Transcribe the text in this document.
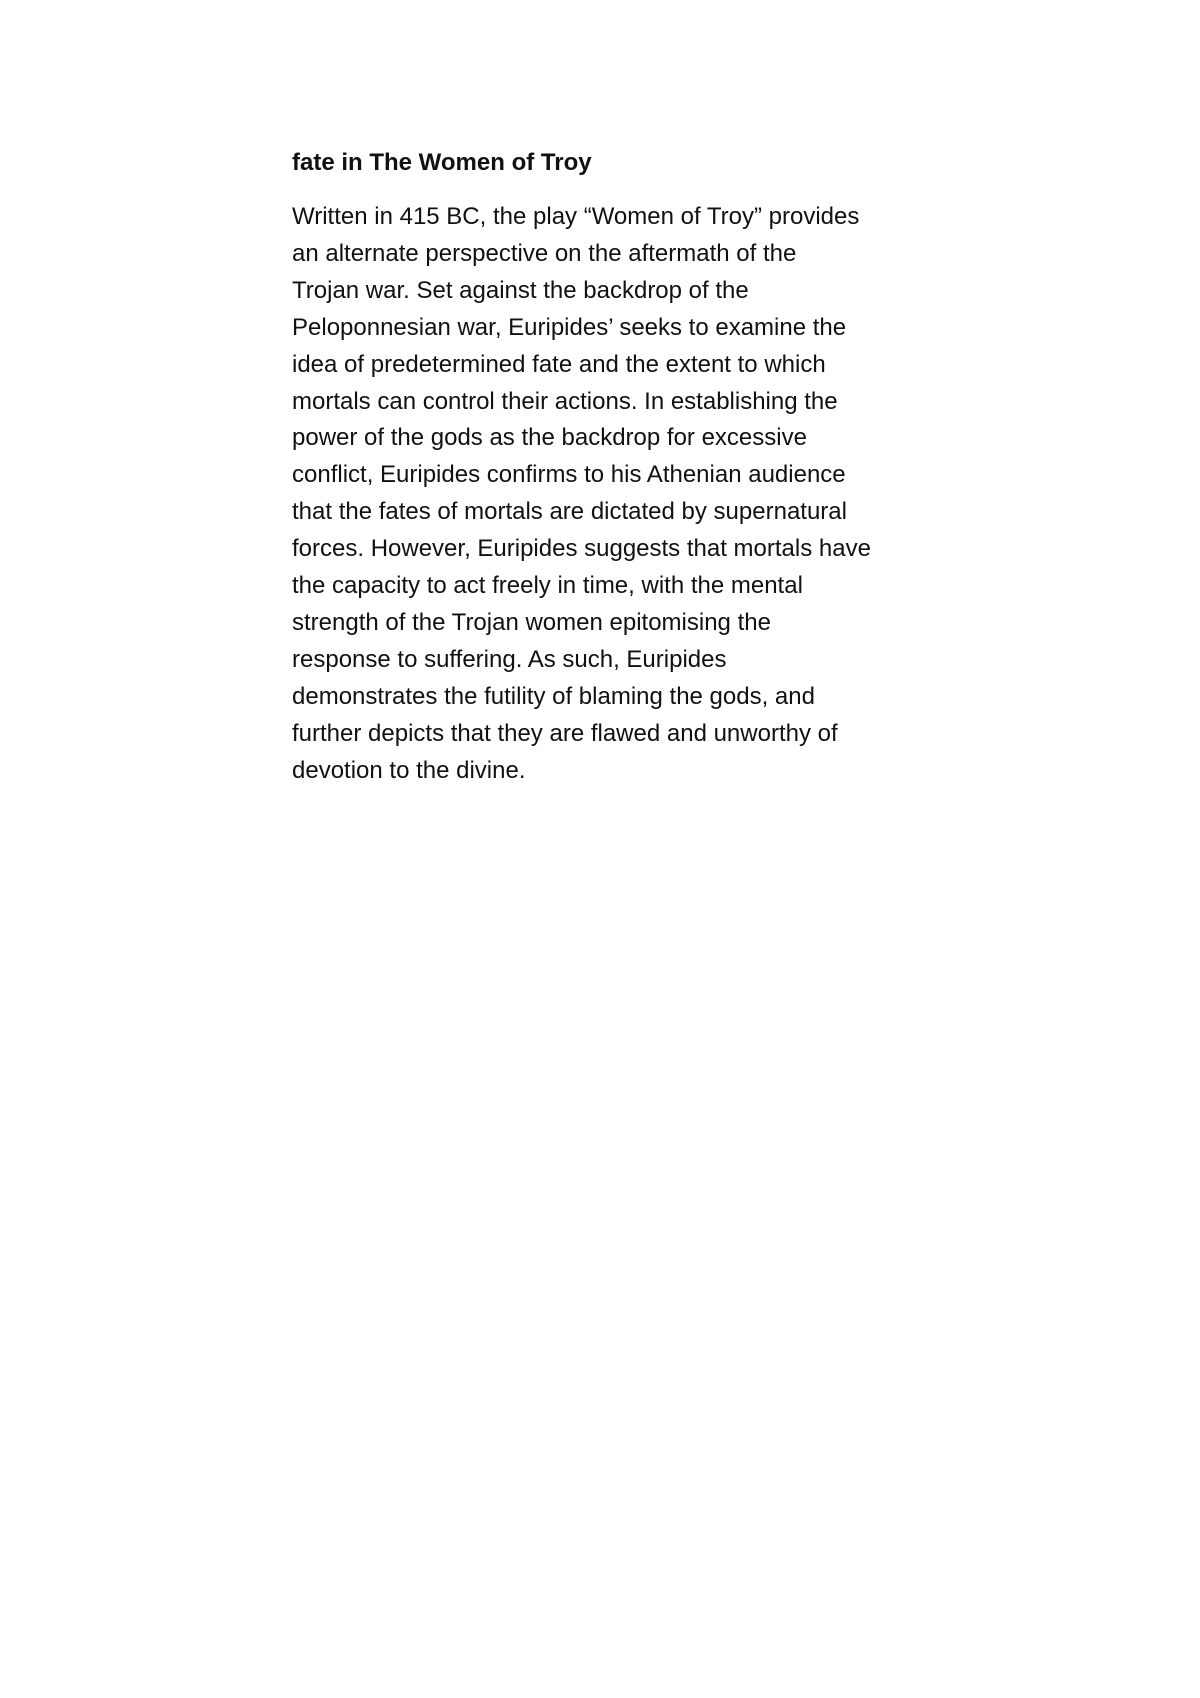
fate in The Women of Troy

Written in 415 BC, the play “Women of Troy” provides
an alternate perspective on the aftermath of the
Trojan war. Set against the backdrop of the
Peloponnesian war, Euripides’ seeks to examine the
idea of predetermined fate and the extent to which
mortals can control their actions. In establishing the
power of the gods as the backdrop for excessive
conflict, Euripides confirms to his Athenian audience
that the fates of mortals are dictated by supernatural
forces. However, Euripides suggests that mortals have
the capacity to act freely in time, with the mental
strength of the Trojan women epitomising the
response to suffering. As such, Euripides
demonstrates the futility of blaming the gods, and
further depicts that they are flawed and unworthy of
devotion to the divine.
